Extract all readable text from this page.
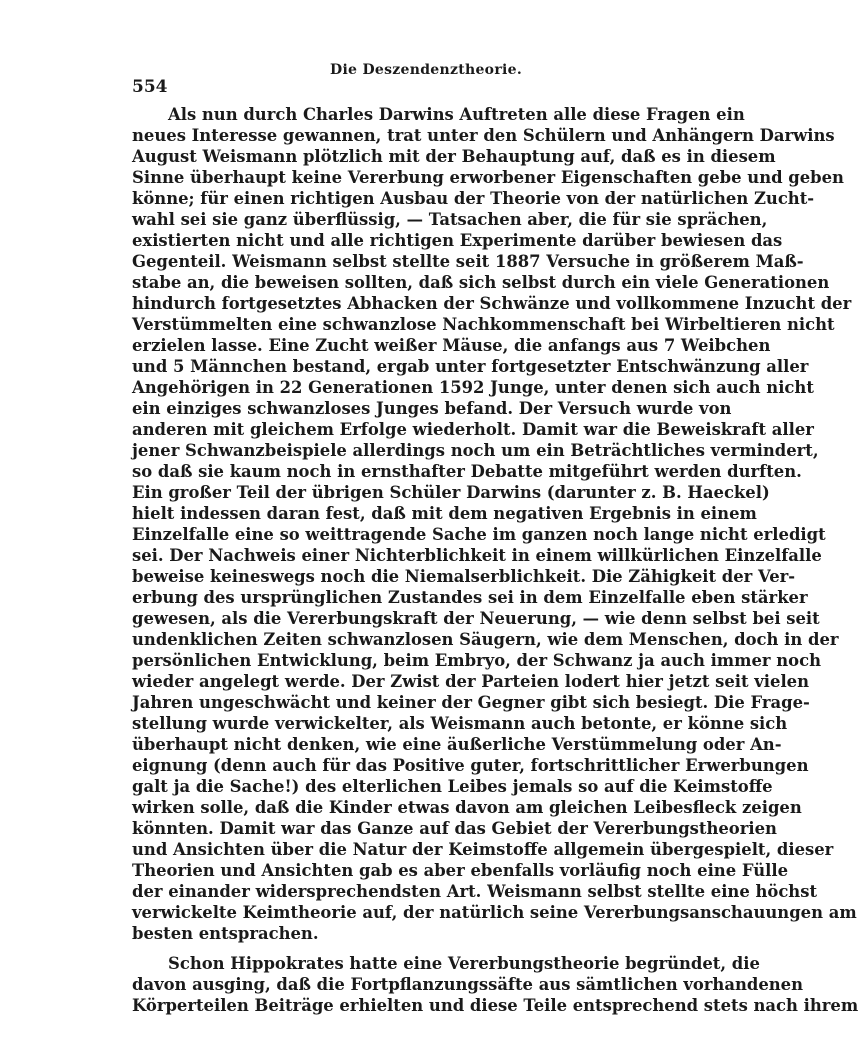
Die Deszendenztheorie.
554
Als nun durch Charles Darwins Auftreten alle diese Fragen ein
neues Interesse gewannen, trat unter den Schülern und Anhängern Darwins
August Weismann plötzlich mit der Behauptung auf, daß es in diesem
Sinne überhaupt keine Vererbung erworbener Eigenschaften gebe und geben
könne; für einen richtigen Ausbau der Theorie von der natürlichen Zucht-
wahl sei sie ganz überflüssig, — Tatsachen aber, die für sie sprächen,
existierten nicht und alle richtigen Experimente darüber bewiesen das
Gegenteil. Weismann selbst stellte seit 1887 Versuche in größerem Maß-
stabe an, die beweisen sollten, daß sich selbst durch ein viele Generationen
hindurch fortgesetztes Abhacken der Schwänze und vollkommene Inzucht der
Verstümmelten eine schwanzlose Nachkommenschaft bei Wirbeltieren nicht
erzielen lasse. Eine Zucht weißer Mäuse, die anfangs aus 7 Weibchen
und 5 Männchen bestand, ergab unter fortgesetzter Entschwänzung aller
Angehörigen in 22 Generationen 1592 Junge, unter denen sich auch nicht
ein einziges schwanzloses Junges befand. Der Versuch wurde von
anderen mit gleichem Erfolge wiederholt. Damit war die Beweiskraft aller
jener Schwanzbeispiele allerdings noch um ein Beträchtliches vermindert,
so daß sie kaum noch in ernsthafter Debatte mitgeführt werden durften.
Ein großer Teil der übrigen Schüler Darwins (darunter z. B. Haeckel)
hielt indessen daran fest, daß mit dem negativen Ergebnis in einem
Einzelfalle eine so weittragende Sache im ganzen noch lange nicht erledigt
sei. Der Nachweis einer Nichterblichkeit in einem willkürlichen Einzelfalle
beweise keineswegs noch die Niemalserblichkeit. Die Zähigkeit der Ver-
erbung des ursprünglichen Zustandes sei in dem Einzelfalle eben stärker
gewesen, als die Vererbungskraft der Neuerung, — wie denn selbst bei seit
undenklichen Zeiten schwanzlosen Säugern, wie dem Menschen, doch in der
persönlichen Entwicklung, beim Embryo, der Schwanz ja auch immer noch
wieder angelegt werde. Der Zwist der Parteien lodert hier jetzt seit vielen
Jahren ungeschwächt und keiner der Gegner gibt sich besiegt. Die Frage-
stellung wurde verwickelter, als Weismann auch betonte, er könne sich
überhaupt nicht denken, wie eine äußerliche Verstümmelung oder An-
eignung (denn auch für das Positive guter, fortschrittlicher Erwerbungen
galt ja die Sache!) des elterlichen Leibes jemals so auf die Keimstoffe
wirken solle, daß die Kinder etwas davon am gleichen Leibesfleck zeigen
könnten. Damit war das Ganze auf das Gebiet der Vererbungstheorien
und Ansichten über die Natur der Keimstoffe allgemein übergespielt, dieser
Theorien und Ansichten gab es aber ebenfalls vorläufig noch eine Fülle
der einander widersprechendsten Art. Weismann selbst stellte eine höchst
verwickelte Keimtheorie auf, der natürlich seine Vererbungsanschauungen am
besten entsprachen.
Schon Hippokrates hatte eine Vererbungstheorie begründet, die
davon ausging, daß die Fortpflanzungssäfte aus sämtlichen vorhandenen
Körperteilen Beiträge erhielten und diese Teile entsprechend stets nach ihrem
